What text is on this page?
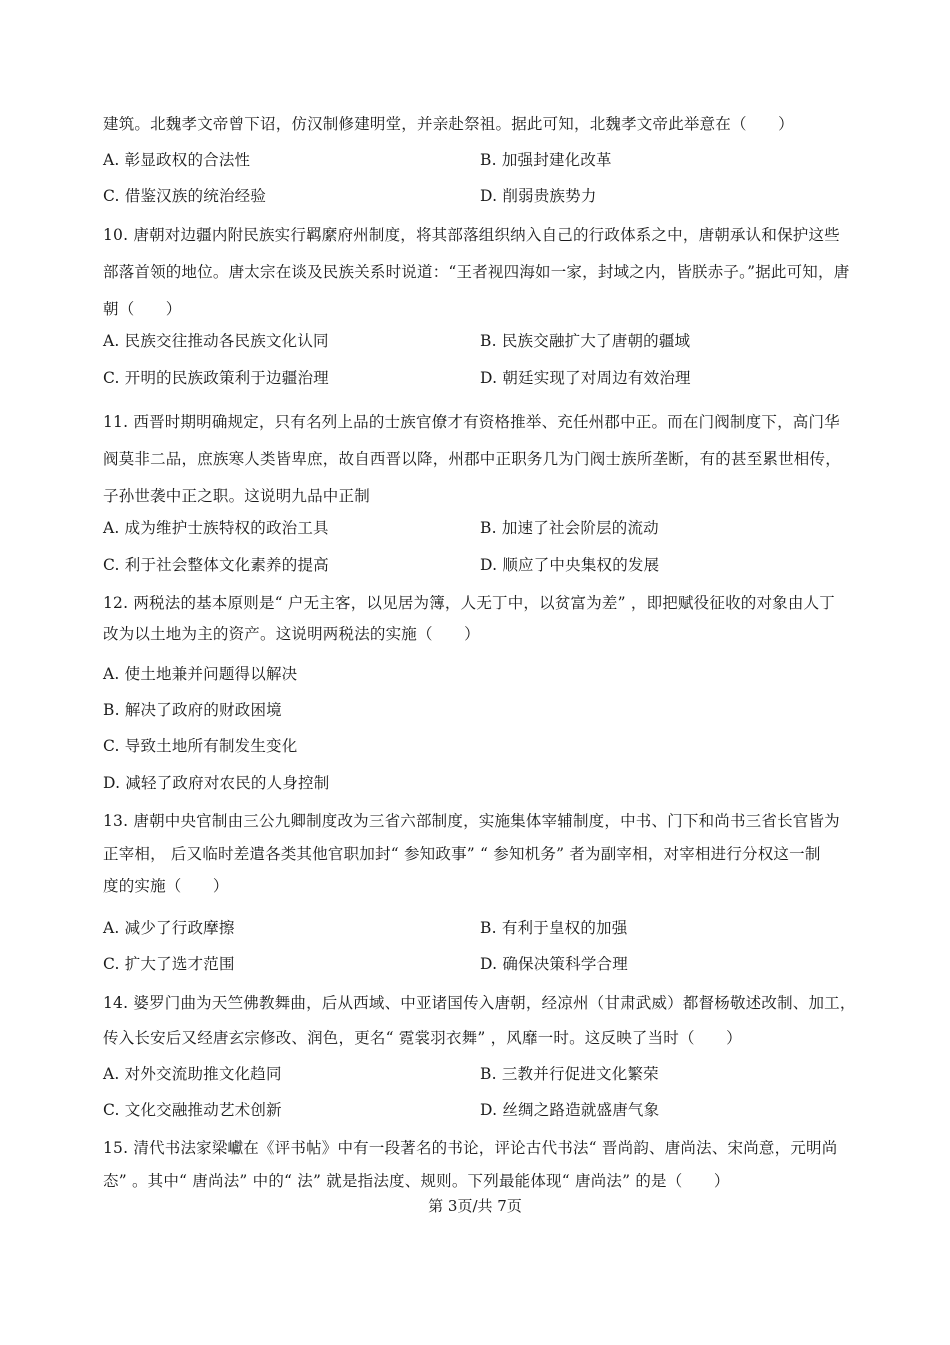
建筑。北魏孝文帝曾下诏，仿汉制修建明堂，并亲赴祭祖。据此可知，北魏孝文帝此举意在（　　）
A. 彰显政权的合法性	B. 加强封建化改革
C. 借鉴汉族的统治经验	D. 削弱贵族势力
10. 唐朝对边疆内附民族实行羁縻府州制度，将其部落组织纳入自己的行政体系之中，唐朝承认和保护这些
部落首领的地位。唐太宗在谈及民族关系时说道：“王者视四海如一家，封域之内，皆朕赤子。”据此可知，唐
朝（　　）
A. 民族交往推动各民族文化认同	B. 民族交融扩大了唐朝的疆域
C. 开明的民族政策利于边疆治理	D. 朝廷实现了对周边有效治理
11. 西晋时期明确规定，只有名列上品的士族官僚才有资格推举、充任州郡中正。而在门阀制度下，高门华
阀莫非二品，庶族寒人类皆卑庶，故自西晋以降，州郡中正职务几为门阀士族所垄断，有的甚至累世相传，
子孙世袭中正之职。这说明九品中正制
A. 成为维护士族特权的政治工具	B. 加速了社会阶层的流动
C. 利于社会整体文化素养的提高	D. 顺应了中央集权的发展
12. 两税法的基本原则是“ 户无主客，以见居为簿，人无丁中，以贫富为差” ，即把赋役征收的对象由人丁
改为以土地为主的资产。这说明两税法的实施（　　）
A. 使土地兼并问题得以解决
B. 解决了政府的财政困境
C. 导致土地所有制发生变化
D. 减轻了政府对农民的人身控制
13. 唐朝中央官制由三公九卿制度改为三省六部制度，实施集体宰辅制度，中书、门下和尚书三省长官皆为
正宰相， 后又临时差遣各类其他官职加封“ 参知政事” “ 参知机务” 者为副宰相，对宰相进行分权这一制
度的实施（　　）
A. 减少了行政摩擦	B. 有利于皇权的加强
C. 扩大了选才范围	D. 确保决策科学合理
14. 婆罗门曲为天竺佛教舞曲，后从西域、中亚诸国传入唐朝，经凉州（甘肃武威）都督杨敬述改制、加工，
传入长安后又经唐玄宗修改、润色，更名“ 霓裳羽衣舞” ，风靡一时。这反映了当时（　　）
A. 对外交流助推文化趋同	B. 三教并行促进文化繁荣
C. 文化交融推动艺术创新	D. 丝绸之路造就盛唐气象
15. 清代书法家梁巘在《评书帖》中有一段著名的书论，评论古代书法“ 晋尚韵、唐尚法、宋尚意，元明尚
态” 。其中“ 唐尚法” 中的“ 法” 就是指法度、规则。下列最能体现“ 唐尚法” 的是（　　）
第 3页/共 7页
